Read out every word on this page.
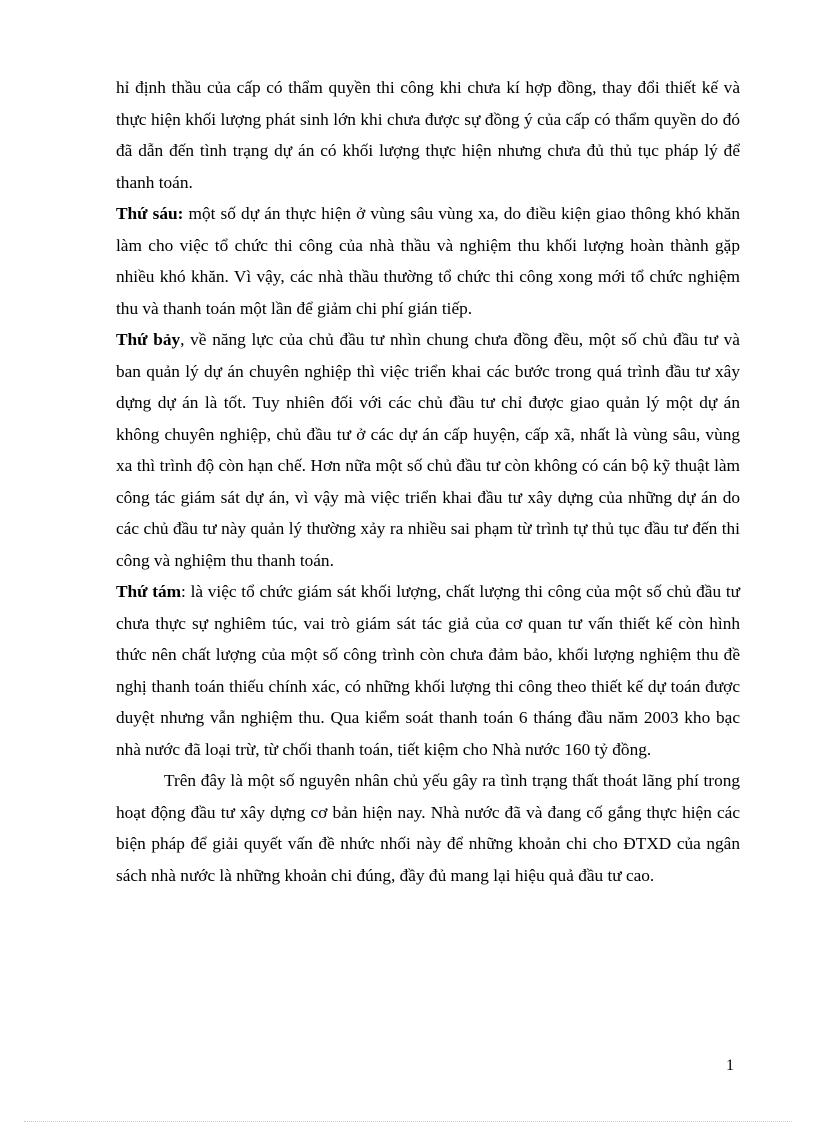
hỉ định thầu của cấp có thẩm quyền thi công khi chưa kí hợp đồng, thay đổi thiết kế và thực hiện khối lượng phát sinh lớn khi chưa được sự đồng ý của cấp có thẩm quyền do đó đã dẫn đến tình trạng dự án có khối lượng thực hiện nhưng chưa đủ thủ tục pháp lý để thanh toán.

Thứ sáu: một số dự án thực hiện ở vùng sâu vùng xa, do điều kiện giao thông khó khăn làm cho việc tổ chức thi công của nhà thầu và nghiệm thu khối lượng hoàn thành gặp nhiều khó khăn. Vì vậy, các nhà thầu thường tổ chức thi công xong mới tổ chức nghiệm thu và thanh toán một lần để giảm chi phí gián tiếp.

Thứ bảy, về năng lực của chủ đầu tư nhìn chung chưa đồng đều, một số chủ đầu tư và ban quản lý dự án chuyên nghiệp thì việc triển khai các bước trong quá trình đầu tư xây dựng dự án là tốt. Tuy nhiên đối với các chủ đầu tư chỉ được giao quản lý một dự án không chuyên nghiệp, chủ đầu tư ở các dự án cấp huyện, cấp xã, nhất là vùng sâu, vùng xa thì trình độ còn hạn chế. Hơn nữa một số chủ đầu tư còn không có cán bộ kỹ thuật làm công tác giám sát dự án, vì vậy mà việc triển khai đầu tư xây dựng của những dự án do các chủ đầu tư này quản lý thường xảy ra nhiều sai phạm từ trình tự thủ tục đầu tư đến thi công và nghiệm thu thanh toán.

Thứ tám: là việc tổ chức giám sát khối lượng, chất lượng thi công của một số chủ đầu tư chưa thực sự nghiêm túc, vai trò giám sát tác giả của cơ quan tư vấn thiết kế còn hình thức nên chất lượng của một số công trình còn chưa đảm bảo, khối lượng nghiệm thu đề nghị thanh toán thiếu chính xác, có những khối lượng thi công theo thiết kế dự toán được duyệt nhưng vẫn nghiệm thu. Qua kiểm soát thanh toán 6 tháng đầu năm 2003 kho bạc nhà nước đã loại trừ, từ chối thanh toán, tiết kiệm cho Nhà nước 160 tỷ đồng.

Trên đây là một số nguyên nhân chủ yếu gây ra tình trạng thất thoát lãng phí trong hoạt động đầu tư xây dựng cơ bản hiện nay. Nhà nước đã và đang cố gắng thực hiện các biện pháp để giải quyết vấn đề nhức nhối này để những khoản chi cho ĐTXD của ngân sách nhà nước là những khoản chi đúng, đầy đủ mang lại hiệu quả đầu tư cao.

1
